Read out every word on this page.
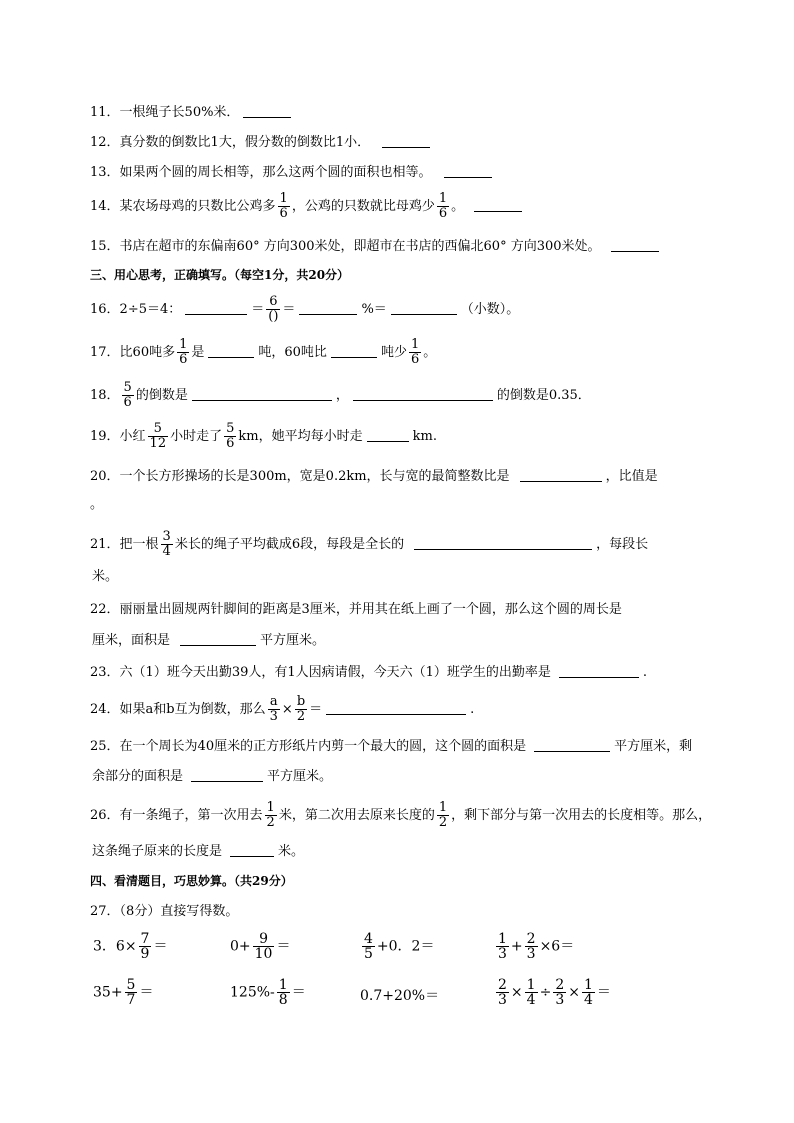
11．一根绳子长50%米．
12．真分数的倒数比1大，假分数的倒数比1小．
13．如果两个圆的周长相等，那么这两个圆的面积也相等。
14．某农场母鸡的只数比公鸡多 $\frac{1}{6}$ ，公鸡的只数就比母鸡少 $\frac{1}{6}$ 。
15．书店在超市的东偏南60° 方向300米处，即超市在书店的西偏北60° 方向300米处。
三、用心思考，正确填写。（每空1分，共20分）
16．2÷5＝4：	＝ $\frac{6}{()}$ ＝	%＝	（小数）。
17．比60吨多 $\frac{1}{6}$ 是	吨，60吨比	吨少 $\frac{1}{6}$ 。
18． $\frac{5}{6}$ 的倒数是	，	的倒数是0.35．
19．小红 $\frac{5}{12}$ 小时走了 $\frac{5}{6}$ km，她平均每小时走	km.
20．一个长方形操场的长是300m，宽是0.2km，长与宽的最简整数比是	，比值是
。
21．把一根 $\frac{3}{4}$ 米长的绳子平均截成6段，每段是全长的	，每段长
米。
22．丽丽量出圆规两针脚间的距离是3厘米，并用其在纸上画了一个圆，那么这个圆的周长是
厘米，面积是	平方厘米。
23．六（1）班今天出勤39人，有1人因病请假，今天六（1）班学生的出勤率是	.
24．如果a和b互为倒数，那么 $\frac{a}{3} \times \frac{b}{2}$ ＝	.
25．在一个周长为40厘米的正方形纸片内剪一个最大的圆，这个圆的面积是	平方厘米，剩
余部分的面积是	平方厘米。
26．有一条绳子，第一次用去 $\frac{1}{2}$ 米，第二次用去原来长度的 $\frac{1}{2}$ ，剩下部分与第一次用去的长度相等。那么，
这条绳子原来的长度是	米。
四、看清题目，巧思妙算。（共29分）
27．（8分）直接写得数。
3．$6\times \frac{7}{9}$ ＝	$0+ \frac{9}{10}$ ＝	$\frac{4}{5} +0$．2＝	$\frac{1}{3} + \frac{2}{3} \times 6=$
$35+ \frac{5}{7}$ ＝	$125\%- \frac{1}{8}$ ＝	0.7+20%＝	$\frac{2}{3} \times \frac{1}{4} \div \frac{2}{3} \times \frac{1}{4}$ ＝
